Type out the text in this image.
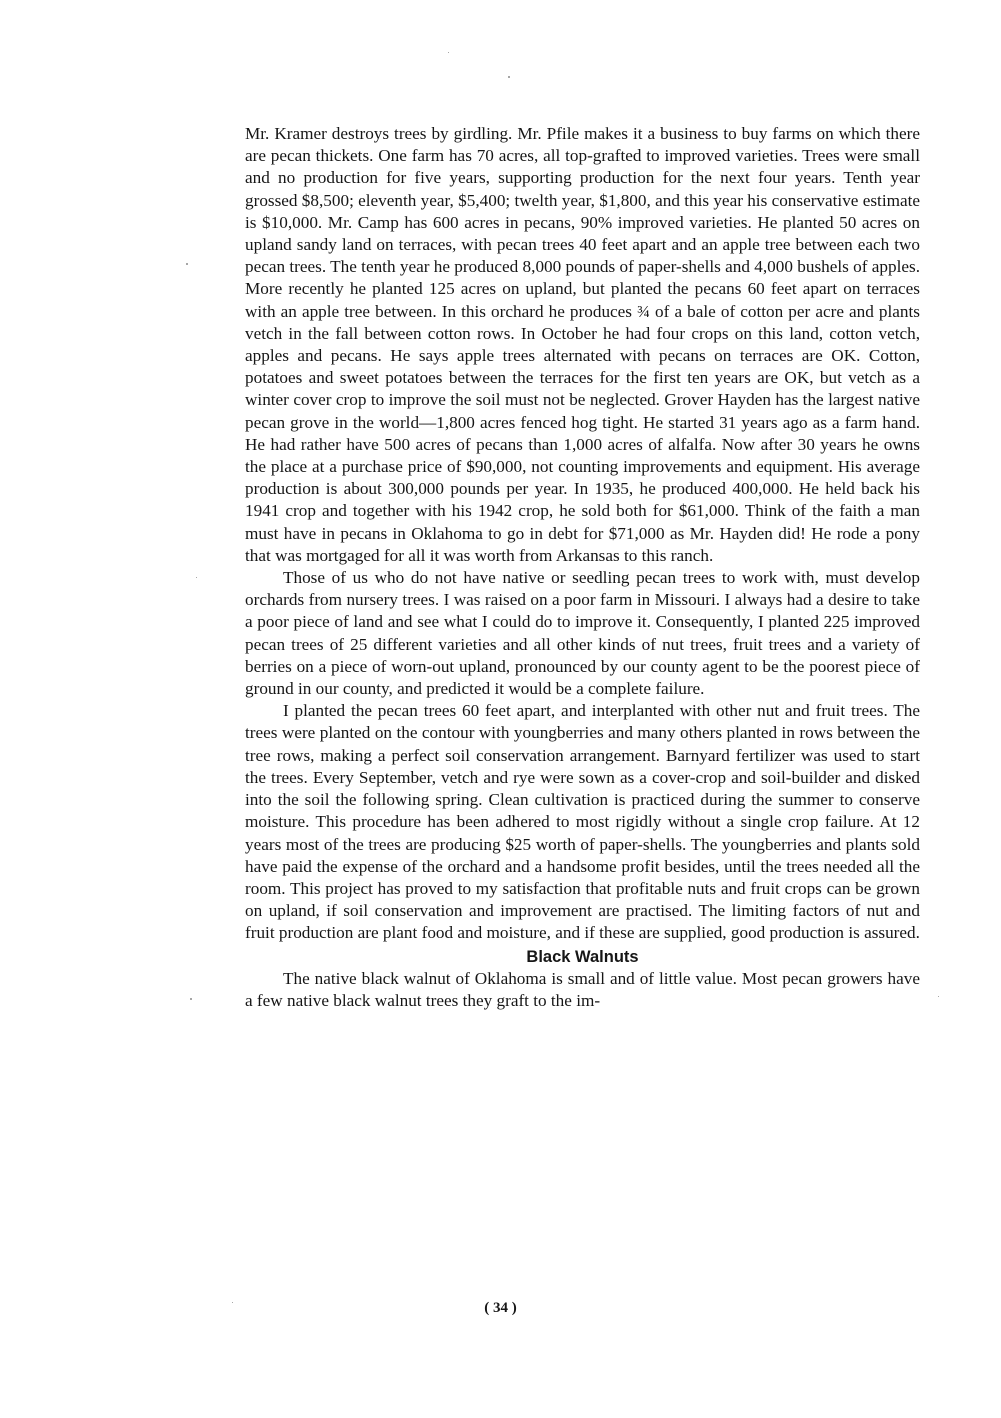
Mr. Kramer destroys trees by girdling. Mr. Pfile makes it a business to buy farms on which there are pecan thickets. One farm has 70 acres, all top-grafted to improved varieties. Trees were small and no production for five years, supporting production for the next four years. Tenth year grossed $8,500; eleventh year, $5,400; twelth year, $1,800, and this year his conservative estimate is $10,000. Mr. Camp has 600 acres in pecans, 90% improved varieties. He planted 50 acres on upland sandy land on terraces, with pecan trees 40 feet apart and an apple tree between each two pecan trees. The tenth year he produced 8,000 pounds of paper-shells and 4,000 bushels of apples. More recently he planted 125 acres on upland, but planted the pecans 60 feet apart on terraces with an apple tree between. In this orchard he produces ¾ of a bale of cotton per acre and plants vetch in the fall between cotton rows. In October he had four crops on this land, cotton vetch, apples and pecans. He says apple trees alternated with pecans on terraces are OK. Cotton, potatoes and sweet potatoes between the terraces for the first ten years are OK, but vetch as a winter cover crop to improve the soil must not be neglected. Grover Hayden has the largest native pecan grove in the world—1,800 acres fenced hog tight. He started 31 years ago as a farm hand. He had rather have 500 acres of pecans than 1,000 acres of alfalfa. Now after 30 years he owns the place at a purchase price of $90,000, not counting improvements and equipment. His average production is about 300,000 pounds per year. In 1935, he produced 400,000. He held back his 1941 crop and together with his 1942 crop, he sold both for $61,000. Think of the faith a man must have in pecans in Oklahoma to go in debt for $71,000 as Mr. Hayden did! He rode a pony that was mortgaged for all it was worth from Arkansas to this ranch.

Those of us who do not have native or seedling pecan trees to work with, must develop orchards from nursery trees. I was raised on a poor farm in Missouri. I always had a desire to take a poor piece of land and see what I could do to improve it. Consequently, I planted 225 improved pecan trees of 25 different varieties and all other kinds of nut trees, fruit trees and a variety of berries on a piece of worn-out upland, pronounced by our county agent to be the poorest piece of ground in our county, and predicted it would be a complete failure.

I planted the pecan trees 60 feet apart, and interplanted with other nut and fruit trees. The trees were planted on the contour with youngberries and many others planted in rows between the tree rows, making a perfect soil conservation arrangement. Barnyard fertilizer was used to start the trees. Every September, vetch and rye were sown as a cover-crop and soil-builder and disked into the soil the following spring. Clean cultivation is practiced during the summer to conserve moisture. This procedure has been adhered to most rigidly without a single crop failure. At 12 years most of the trees are producing $25 worth of paper-shells. The youngberries and plants sold have paid the expense of the orchard and a handsome profit besides, until the trees needed all the room. This project has proved to my satisfaction that profitable nuts and fruit crops can be grown on upland, if soil conservation and improvement are practised. The limiting factors of nut and fruit production are plant food and moisture, and if these are supplied, good production is assured.

Black Walnuts

The native black walnut of Oklahoma is small and of little value. Most pecan growers have a few native black walnut trees they graft to the im-

( 34 )
